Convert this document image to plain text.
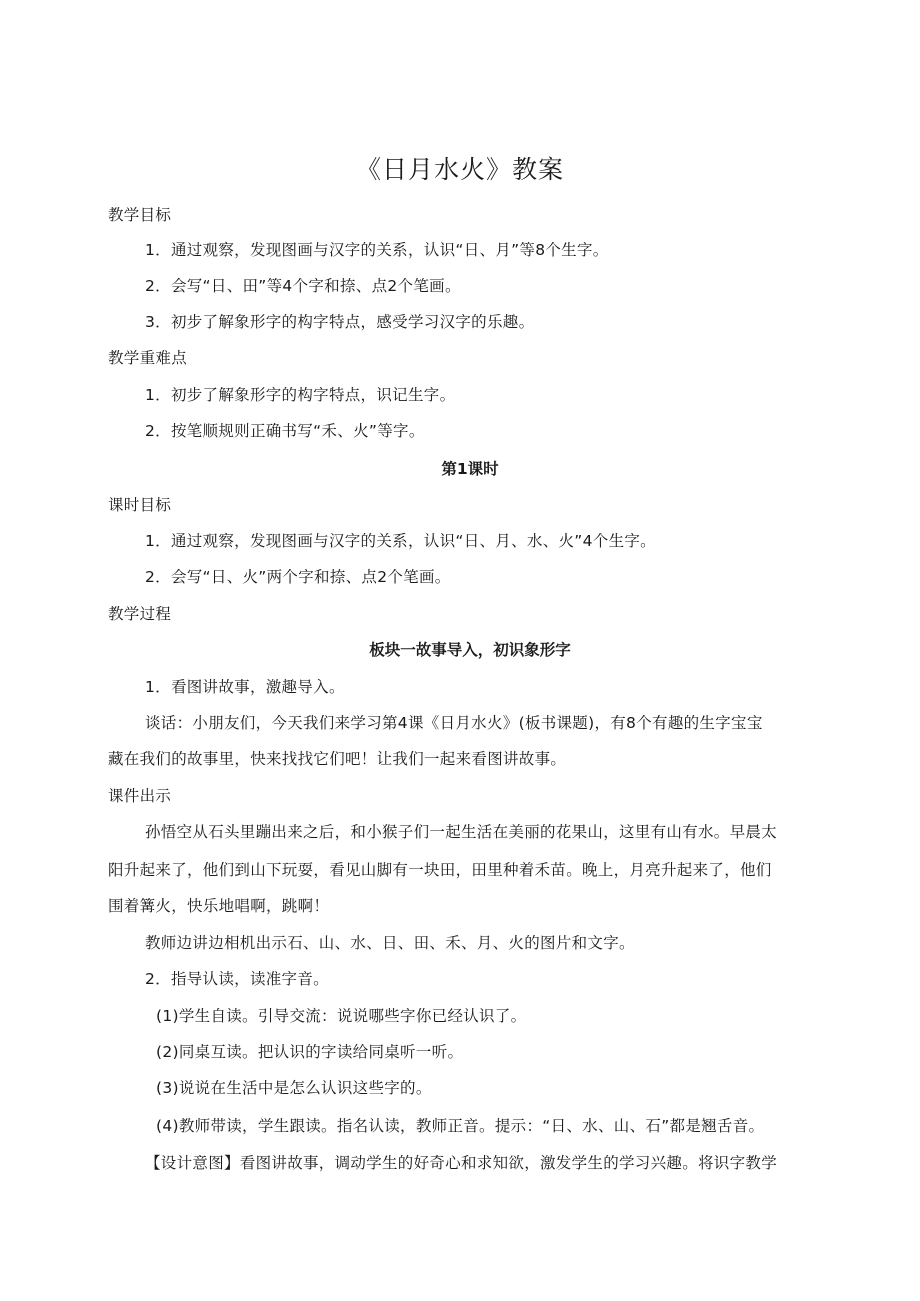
《日月水火》教案
教学目标
1．通过观察，发现图画与汉字的关系，认识“日、月”等8个生字。
2．会写“日、田”等4个字和捺、点2个笔画。
3．初步了解象形字的构字特点，感受学习汉字的乐趣。
教学重难点
1．初步了解象形字的构字特点，识记生字。
2．按笔顺规则正确书写“禾、火”等字。
第1课时
课时目标
1．通过观察，发现图画与汉字的关系，认识“日、月、水、火”4个生字。
2．会写“日、火”两个字和捺、点2个笔画。
教学过程
板块一故事导入，初识象形字
1．看图讲故事，激趣导入。
谈话：小朋友们，今天我们来学习第4课《日月水火》(板书课题)，有8个有趣的生字宝宝
藏在我们的故事里，快来找找它们吧！让我们一起来看图讲故事。
课件出示
孙悟空从石头里蹦出来之后，和小猴子们一起生活在美丽的花果山，这里有山有水。早晨太
阳升起来了，他们到山下玩耍，看见山脚有一块田，田里种着禾苗。晚上，月亮升起来了，他们
围着篝火，快乐地唱啊，跳啊！
教师边讲边相机出示石、山、水、日、田、禾、月、火的图片和文字。
2．指导认读，读准字音。
(1)学生自读。引导交流：说说哪些字你已经认识了。
(2)同桌互读。把认识的字读给同桌听一听。
(3)说说在生活中是怎么认识这些字的。
(4)教师带读，学生跟读。指名认读，教师正音。提示：“日、水、山、石”都是翘舌音。
【设计意图】看图讲故事，调动学生的好奇心和求知欲，激发学生的学习兴趣。将识字教学
